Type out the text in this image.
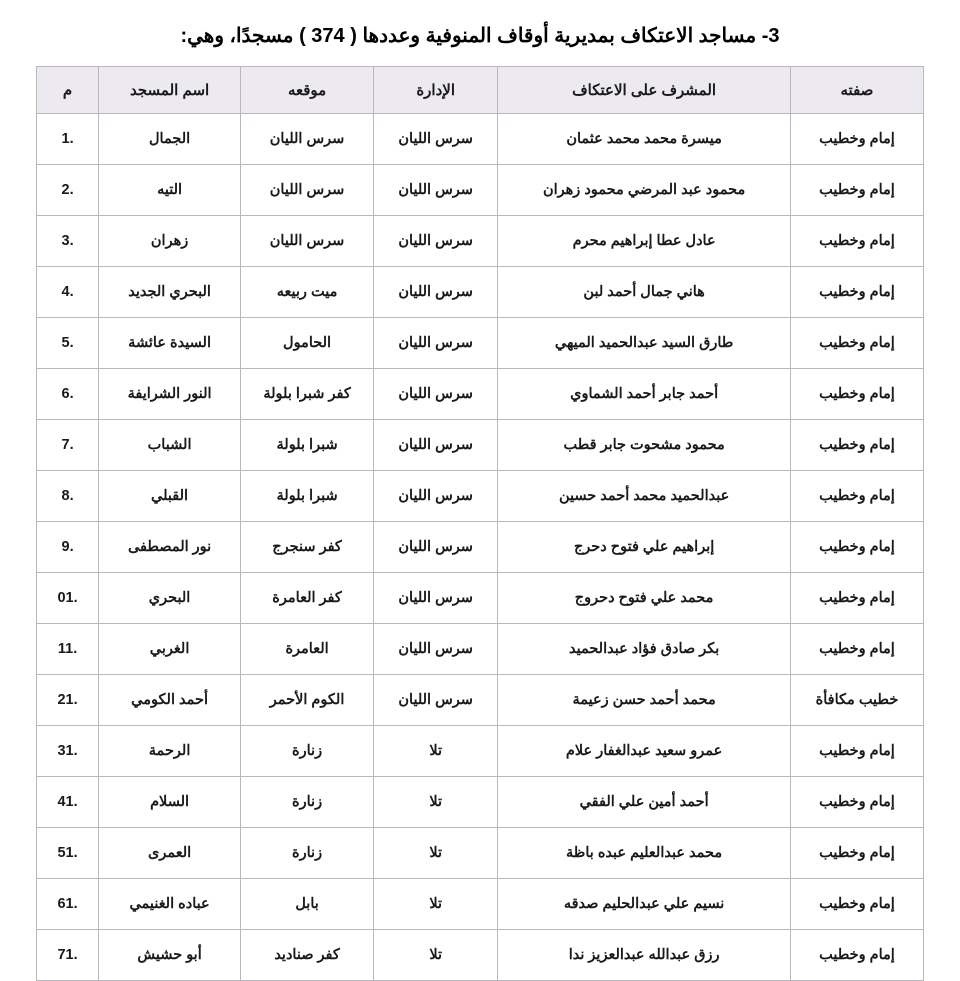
3- مساجد الاعتكاف بمديرية أوقاف المنوفية وعددها ( 374 ) مسجدًا، وهي:
صفته	المشرف على الاعتكاف	الإدارة	موقعه	اسم المسجد	م
إمام وخطيب	ميسرة محمد محمد عثمان	سرس الليان	سرس الليان	الجمال	1.
إمام وخطيب	محمود عبد المرضي محمود زهران	سرس الليان	سرس الليان	التيه	2.
إمام وخطيب	عادل عطا إبراهيم محرم	سرس الليان	سرس الليان	زهران	3.
إمام وخطيب	هاني جمال أحمد لبن	سرس الليان	ميت ربيعه	البحري الجديد	4.
إمام وخطيب	طارق السيد عبدالحميد الميهي	سرس الليان	الحامول	السيدة عائشة	5.
إمام وخطيب	أحمد جابر أحمد الشماوي	سرس الليان	كفر شبرا بلولة	النور الشرايفة	6.
إمام وخطيب	محمود مشحوت جابر قطب	سرس الليان	شبرا بلولة	الشباب	7.
إمام وخطيب	عبدالحميد محمد أحمد حسين	سرس الليان	شبرا بلولة	القبلي	8.
إمام وخطيب	إبراهيم علي فتوح دحرج	سرس الليان	كفر سنجرج	نور المصطفى	9.
إمام وخطيب	محمد علي فتوح دحروج	سرس الليان	كفر العامرة	البحري	01.
إمام وخطيب	بكر صادق فؤاد عبدالحميد	سرس الليان	العامرة	الغربي	11.
خطيب مكافأة	محمد أحمد حسن زعيمة	سرس الليان	الكوم الأحمر	أحمد الكومي	21.
إمام وخطيب	عمرو سعيد عبدالغفار علام	تلا	زنارة	الرحمة	31.
إمام وخطيب	أحمد أمين علي الفقي	تلا	زنارة	السلام	41.
إمام وخطيب	محمد عبدالعليم عبده باظة	تلا	زنارة	العمرى	51.
إمام وخطيب	نسيم علي عبدالحليم صدقه	تلا	بابل	عباده الغنيمي	61.
إمام وخطيب	رزق عبدالله عبدالعزيز ندا	تلا	كفر صناديد	أبو حشيش	71.
